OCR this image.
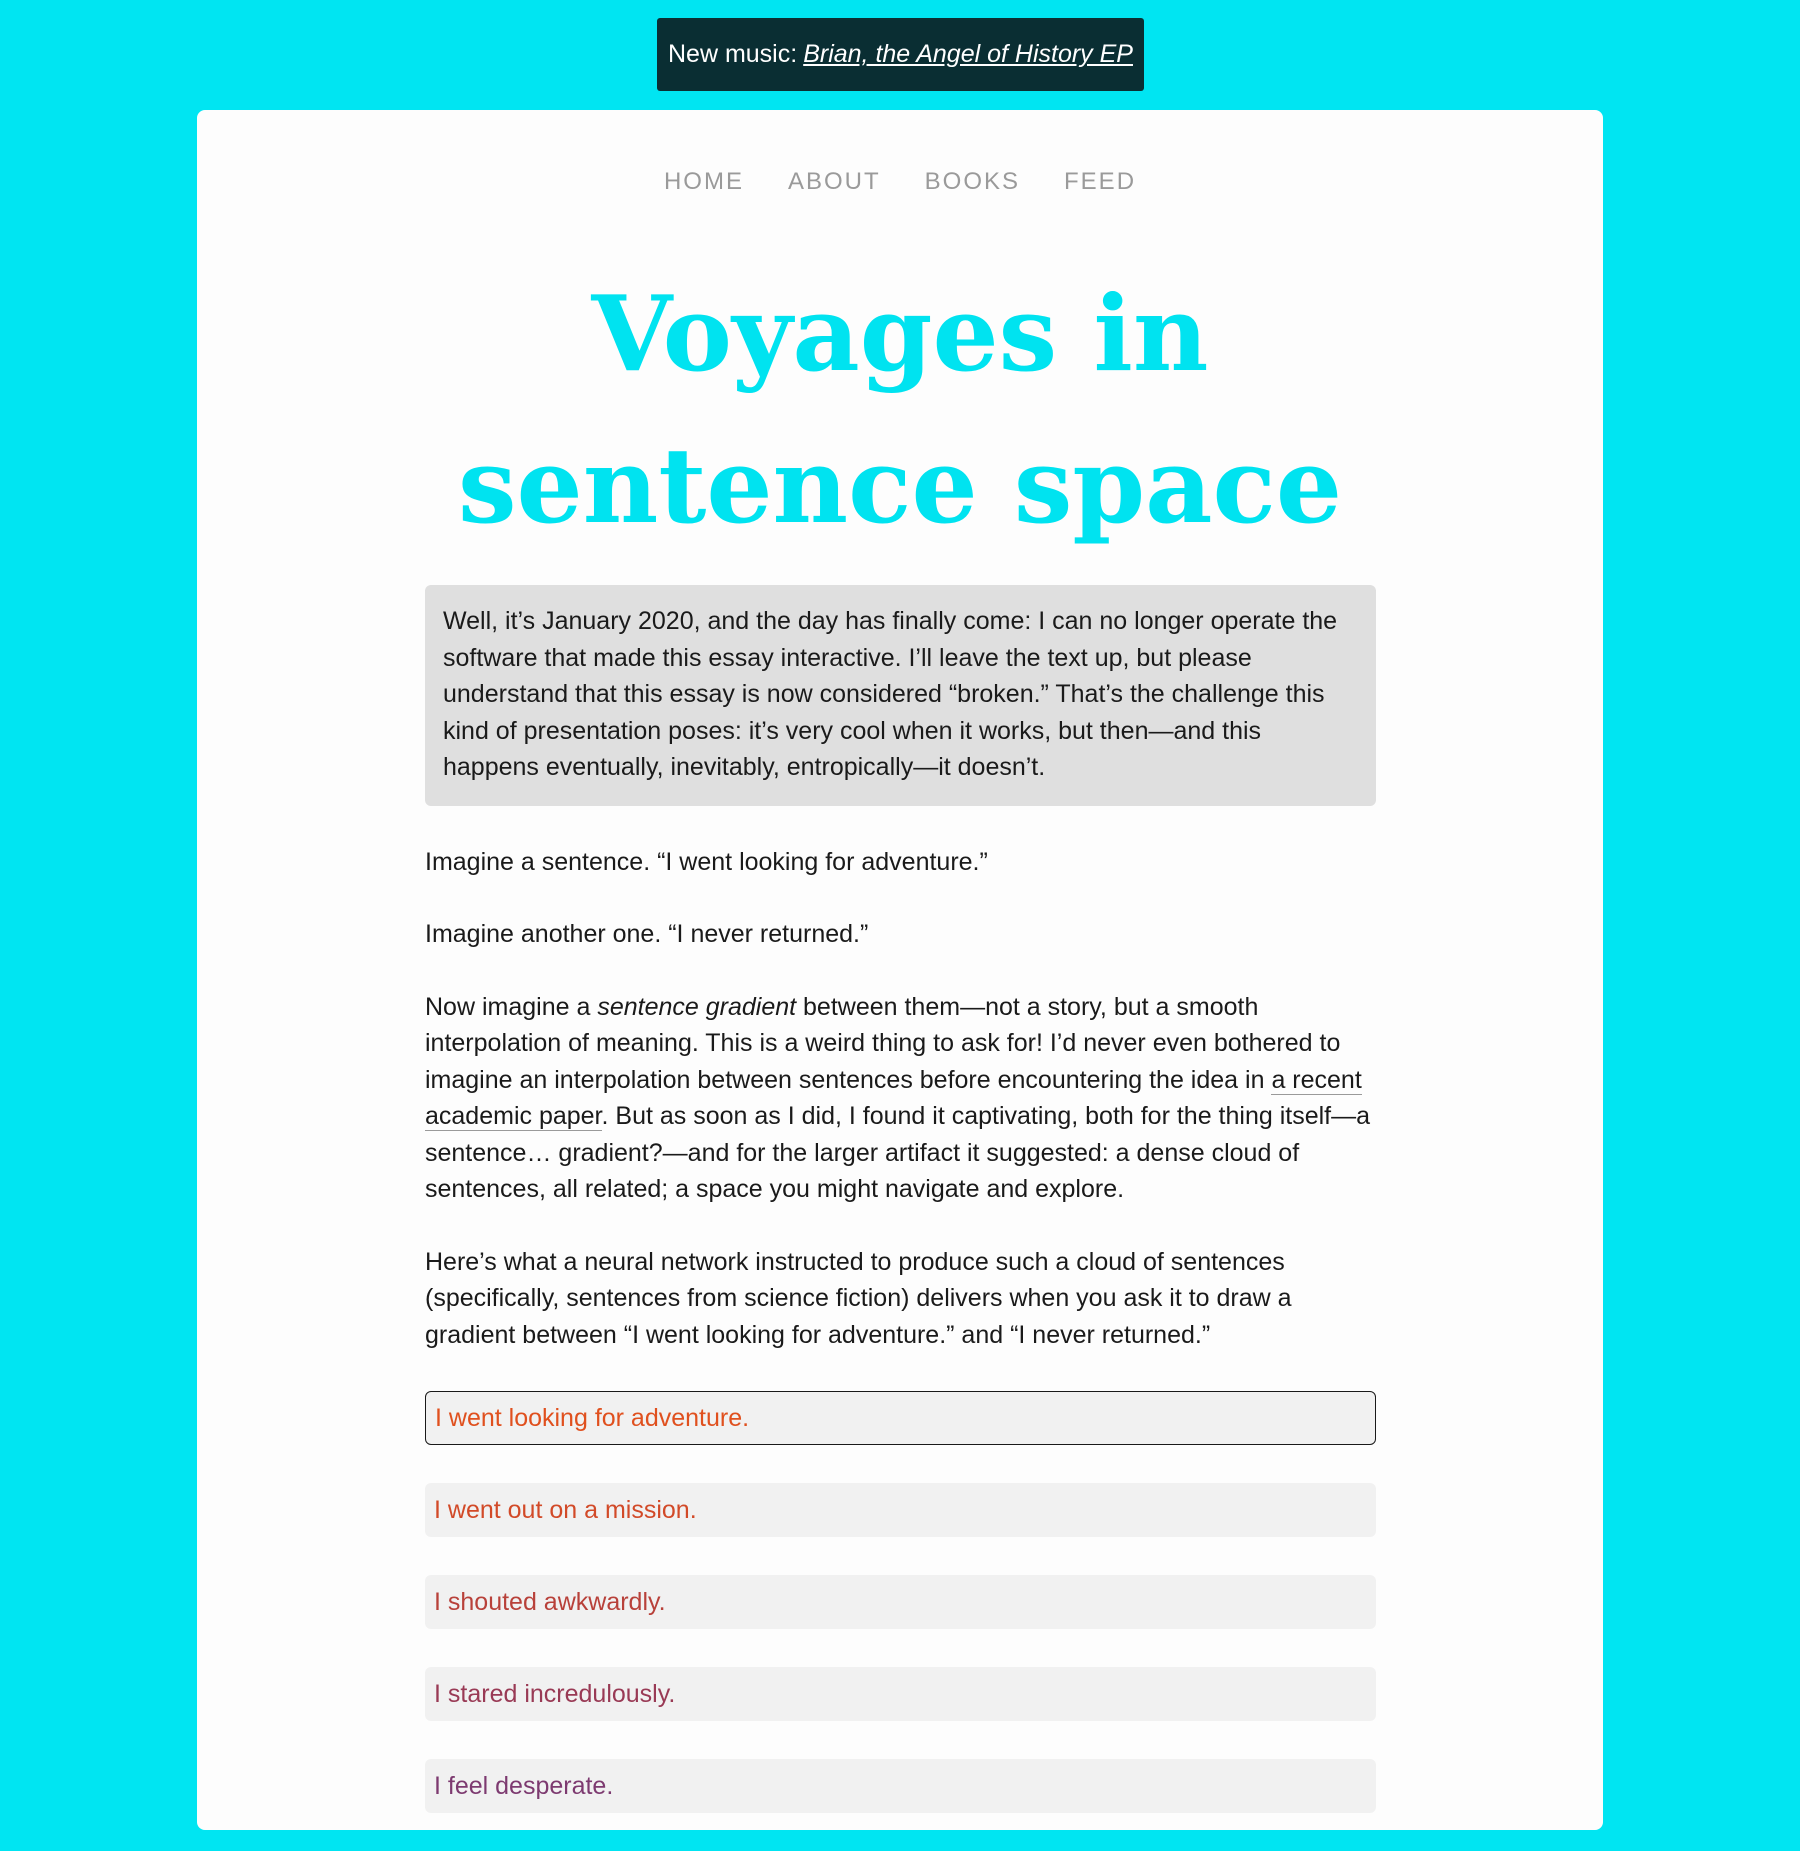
New music: Brian, the Angel of History EP
HOME ABOUT BOOKS FEED
Voyages in
sentence space
Well, it’s January 2020, and the day has finally come: I can no longer operate the software that made this essay interactive. I’ll leave the text up, but please understand that this essay is now considered “broken.” That’s the challenge this kind of presentation poses: it’s very cool when it works, but then—and this happens eventually, inevitably, entropically—it doesn’t.

Imagine a sentence. “I went looking for adventure.”

Imagine another one. “I never returned.”

Now imagine a sentence gradient between them—not a story, but a smooth interpolation of meaning. This is a weird thing to ask for! I’d never even bothered to imagine an interpolation between sentences before encountering the idea in a recent academic paper. But as soon as I did, I found it captivating, both for the thing itself—a sentence… gradient?—and for the larger artifact it suggested: a dense cloud of sentences, all related; a space you might navigate and explore.

Here’s what a neural network instructed to produce such a cloud of sentences (specifically, sentences from science fiction) delivers when you ask it to draw a gradient between “I went looking for adventure.” and “I never returned.”

I went looking for adventure.
I went out on a mission.
I shouted awkwardly.
I stared incredulously.
I feel desperate.
